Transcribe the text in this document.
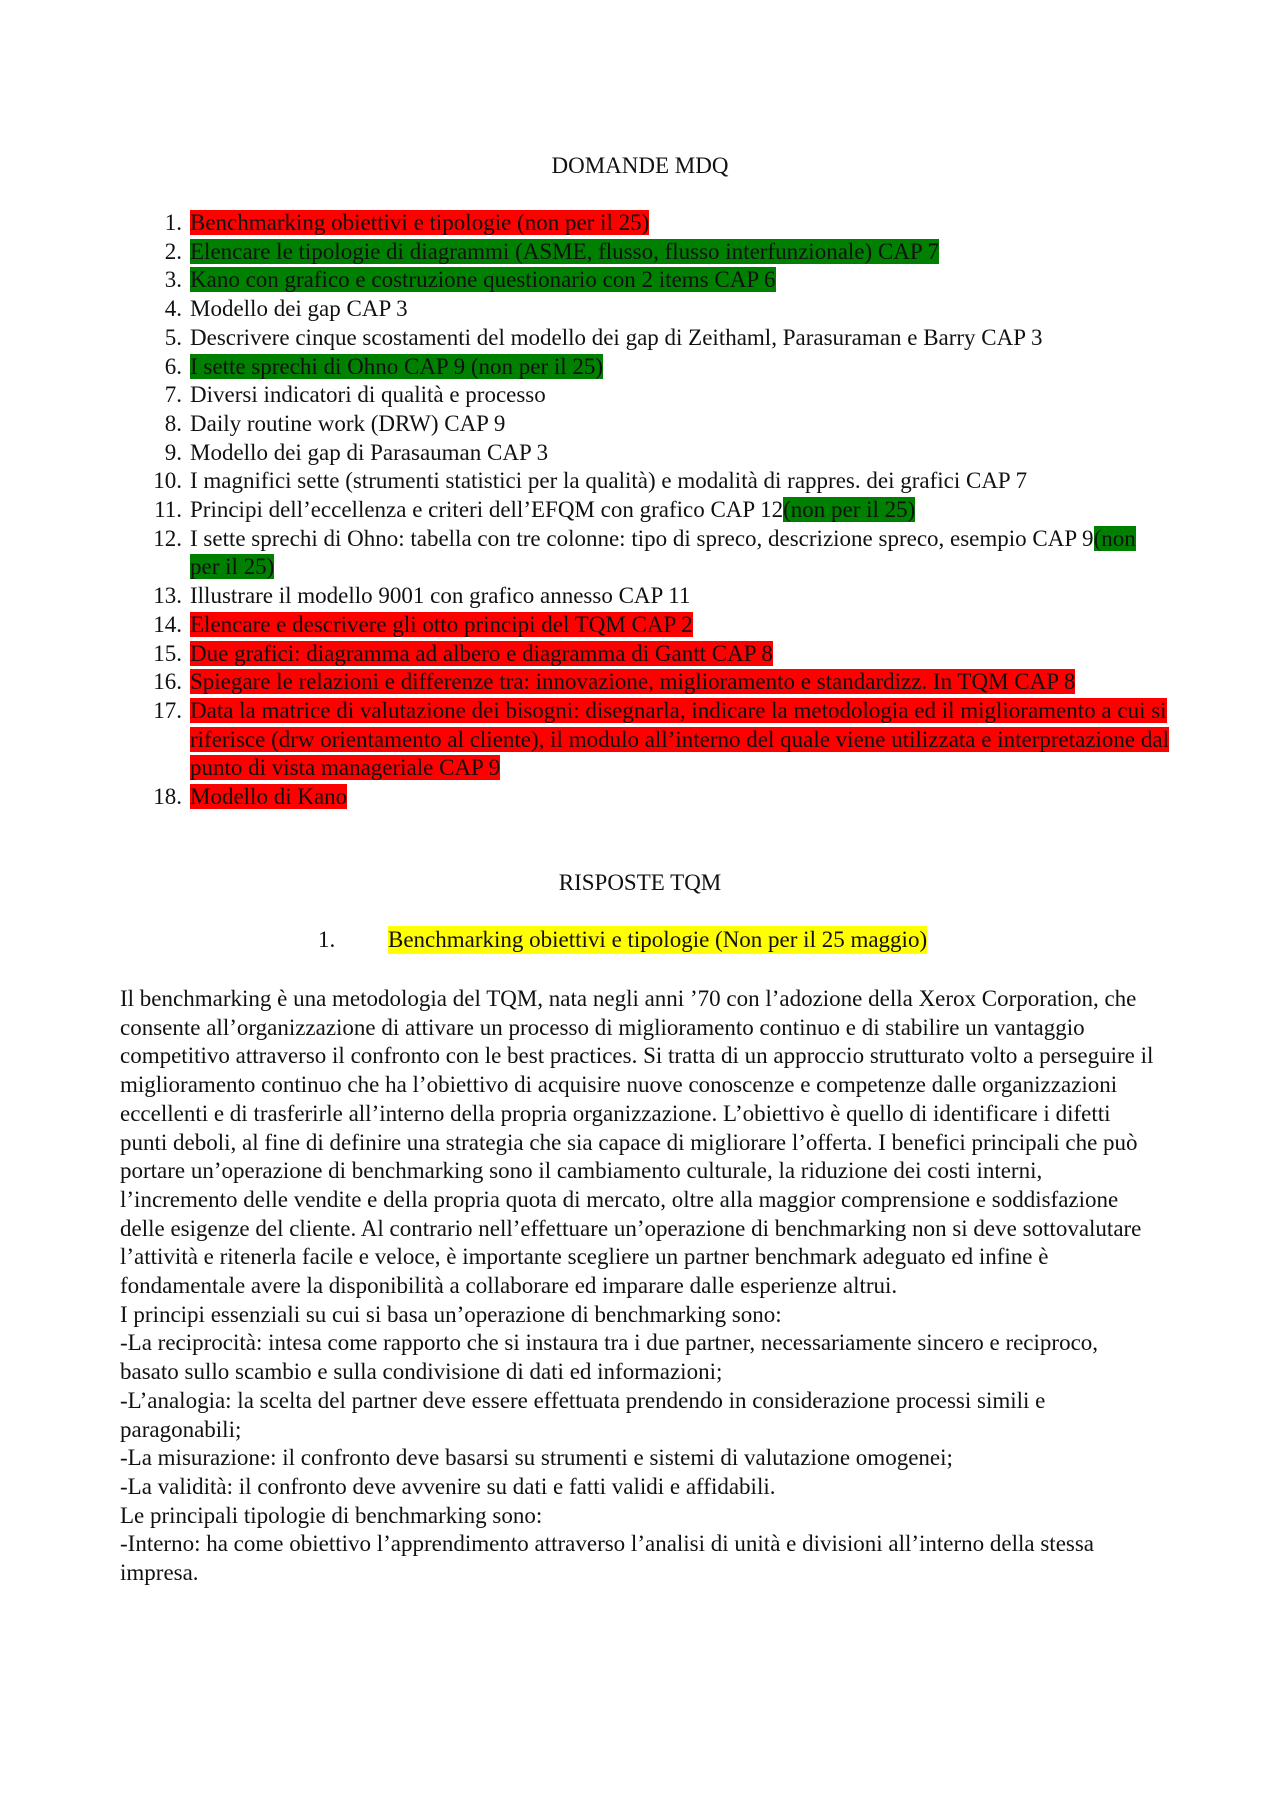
DOMANDE MDQ
1. Benchmarking obiettivi e tipologie (non per il 25)
2. Elencare le tipologie di diagrammi (ASME, flusso, flusso interfunzionale) CAP 7
3. Kano con grafico e costruzione questionario con 2 items CAP 6
4. Modello dei gap CAP 3
5. Descrivere cinque scostamenti del modello dei gap di Zeithaml, Parasuraman e Barry CAP 3
6. I sette sprechi di Ohno CAP 9 (non per il 25)
7. Diversi indicatori di qualità e processo
8. Daily routine work (DRW) CAP 9
9. Modello dei gap di Parasauman CAP 3
10. I magnifici sette (strumenti statistici per la qualità) e modalità di rappres. dei grafici CAP 7
11. Principi dell’eccellenza e criteri dell’EFQM con grafico CAP 12(non per il 25)
12. I sette sprechi di Ohno: tabella con tre colonne: tipo di spreco, descrizione spreco, esempio CAP 9(non per il 25)
13. Illustrare il modello 9001 con grafico annesso CAP 11
14. Elencare e descrivere gli otto principi del TQM CAP 2
15. Due grafici: diagramma ad albero e diagramma di Gantt CAP 8
16. Spiegare le relazioni e differenze tra: innovazione, miglioramento e standardizz. In TQM CAP 8
17. Data la matrice di valutazione dei bisogni: disegnarla, indicare la metodologia ed il miglioramento a cui si riferisce (drw orientamento al cliente), il modulo all’interno del quale viene utilizzata e interpretazione dal punto di vista manageriale CAP 9
18. Modello di Kano
RISPOSTE TQM
1. Benchmarking obiettivi e tipologie (Non per il 25 maggio)

Il benchmarking è una metodologia del TQM, nata negli anni ’70 con l’adozione della Xerox Corporation, che consente all’organizzazione di attivare un processo di miglioramento continuo e di stabilire un vantaggio competitivo attraverso il confronto con le best practices. Si tratta di un approccio strutturato volto a perseguire il miglioramento continuo che ha l’obiettivo di acquisire nuove conoscenze e competenze dalle organizzazioni eccellenti e di trasferirle all’interno della propria organizzazione. L’obiettivo è quello di identificare i difetti punti deboli, al fine di definire una strategia che sia capace di migliorare l’offerta. I benefici principali che può portare un’operazione di benchmarking sono il cambiamento culturale, la riduzione dei costi interni, l’incremento delle vendite e della propria quota di mercato, oltre alla maggior comprensione e soddisfazione delle esigenze del cliente. Al contrario nell’effettuare un’operazione di benchmarking non si deve sottovalutare l’attività e ritenerla facile e veloce, è importante scegliere un partner benchmark adeguato ed infine è fondamentale avere la disponibilità a collaborare ed imparare dalle esperienze altrui.

I principi essenziali su cui si basa un’operazione di benchmarking sono:

-La reciprocità: intesa come rapporto che si instaura tra i due partner, necessariamente sincero e reciproco, basato sullo scambio e sulla condivisione di dati ed informazioni;

-L’analogia: la scelta del partner deve essere effettuata prendendo in considerazione processi simili e paragonabili;

-La misurazione: il confronto deve basarsi su strumenti e sistemi di valutazione omogenei;

-La validità: il confronto deve avvenire su dati e fatti validi e affidabili.

Le principali tipologie di benchmarking sono:

-Interno: ha come obiettivo l’apprendimento attraverso l’analisi di unità e divisioni all’interno della stessa impresa.
